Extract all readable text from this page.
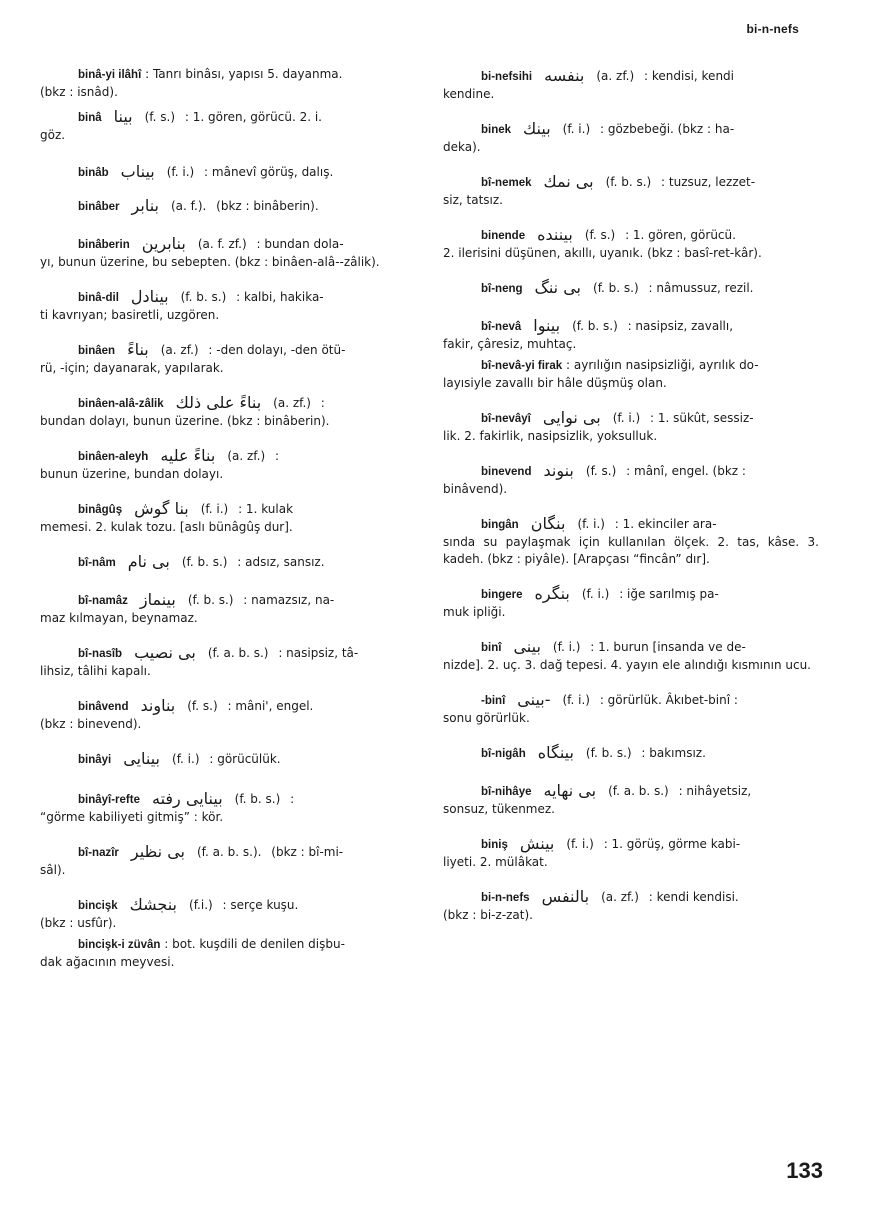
bi-n-nefs
binâ-yi ilâhî : Tanrı binâsı, yapısı 5. dayanma.
(bkz : isnâd).
binâ بينا (f. s.) : 1. gören, görücü. 2. i.
göz.
binâb بيناب (f. i.) : mânevî görüş, dalış.
binâber بنابر (a. f.). (bkz : binâberin).
binâberin بنابرين (a. f. zf.) : bundan dola-
yı, bunun üzerine, bu sebepten. (bkz : binâen-alâ--zâlik).
binâ-dil بينادل (f. b. s.) : kalbi, hakika-
ti kavrıyan; basiretli, uzgören.
binâen بناءً (a. zf.) : -den dolayı, -den ötü-
rü, -için; dayanarak, yapılarak.
binâen-alâ-zâlik بناءً على ذلك (a. zf.) :
bundan dolayı, bunun üzerine. (bkz : binâberin).
binâen-aleyh بناءً عليه (a. zf.) :
bunun üzerine, bundan dolayı.
binâgûş بنا گوش (f. i.) : 1. kulak
memesi. 2. kulak tozu. [aslı bünâgûş dur].
bî-nâm بى نام (f. b. s.) : adsız, sansız.
bî-namâz بينماز (f. b. s.) : namazsız, na-
maz kılmayan, beynamaz.
bî-nasîb بى نصيب (f. a. b. s.) : nasipsiz, tâ-
lihsiz, tâlihi kapalı.
binâvend بناوند (f. s.) : mâni', engel.
(bkz : binevend).
binâyi بينايى (f. i.) : görücülük.
binâyî-refte بينايى رفته (f. b. s.) :
“görme kabiliyeti gitmiş” : kör.
bî-nazîr بى نظير (f. a. b. s.). (bkz : bî-mi-
sâl).
bincişk بنجشك (f.i.) : serçe kuşu.
(bkz : usfûr).
bincişk-i züvân : bot. kuşdili de denilen dişbu-
dak ağacının meyvesi.
bi-nefsihi بنفسه (a. zf.) : kendisi, kendi
kendine.
binek بينك (f. i.) : gözbebeği. (bkz : ha-
deka).
bî-nemek بى نمك (f. b. s.) : tuzsuz, lezzet-
siz, tatsız.
binende بيننده (f. s.) : 1. gören, görücü.
2. ilerisini düşünen, akıllı, uyanık. (bkz : basî-ret-kâr).
bî-neng بى ننگ (f. b. s.) : nâmussuz, rezil.
bî-nevâ بينوا (f. b. s.) : nasipsiz, zavallı,
fakir, çâresiz, muhtaç.
bî-nevâ-yi firak : ayrılığın nasipsizliği, ayrılık do-
layısiyle zavallı bir hâle düşmüş olan.
bî-nevâyî بى نوايى (f. i.) : 1. sükût, sessiz-
lik. 2. fakirlik, nasipsizlik, yoksulluk.
binevend بنوند (f. s.) : mânî, engel. (bkz :
binâvend).
bingân بنگان (f. i.) : 1. ekinciler ara-
sında su paylaşmak için kullanılan ölçek. 2. tas, kâse. 3. kadeh. (bkz : piyâle). [Arapçası “fincân” dır].
bingere بنگره (f. i.) : iğe sarılmış pa-
muk ipliği.
binî بينى (f. i.) : 1. burun [insanda ve de-
nizde]. 2. uç. 3. dağ tepesi. 4. yayın ele alındığı kısmının ucu.
-binî -بينى (f. i.) : görürlük. Âkıbet-binî :
sonu görürlük.
bî-nigâh بينگاه (f. b. s.) : bakımsız.
bî-nihâye بى نهايه (f. a. b. s.) : nihâyetsiz,
sonsuz, tükenmez.
biniş بينش (f. i.) : 1. görüş, görme kabi-
liyeti. 2. mülâkat.
bi-n-nefs بالنفس (a. zf.) : kendi kendisi.
(bkz : bi-z-zat).
133
